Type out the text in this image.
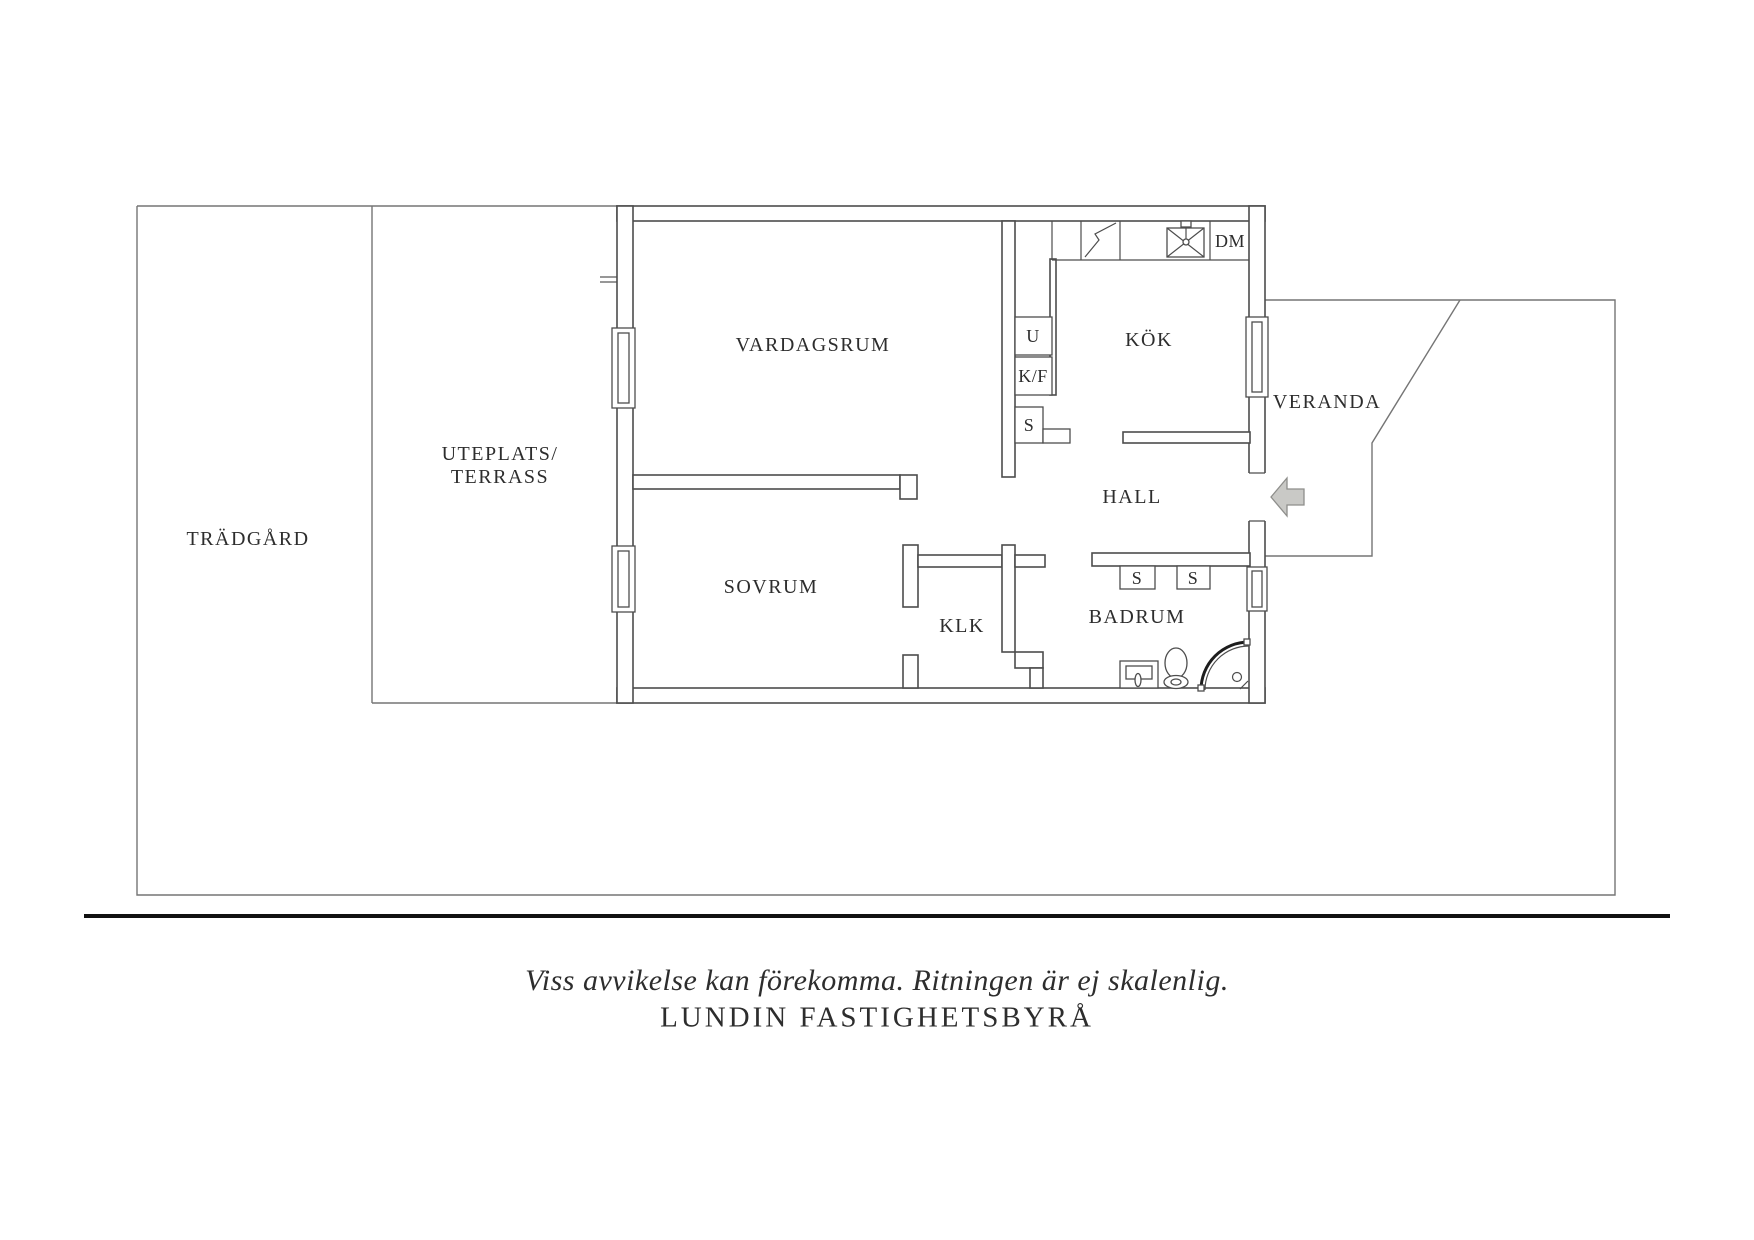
TRÄDGÅRD
UTEPLATS/
TERRASS
VARDAGSRUM
SOVRUM
KLK
KÖK
HALL
BADRUM
VERANDA
U
K/F
S
S	S
DM
Viss avvikelse kan förekomma. Ritningen är ej skalenlig.
LUNDIN FASTIGHETSBYRÅ
